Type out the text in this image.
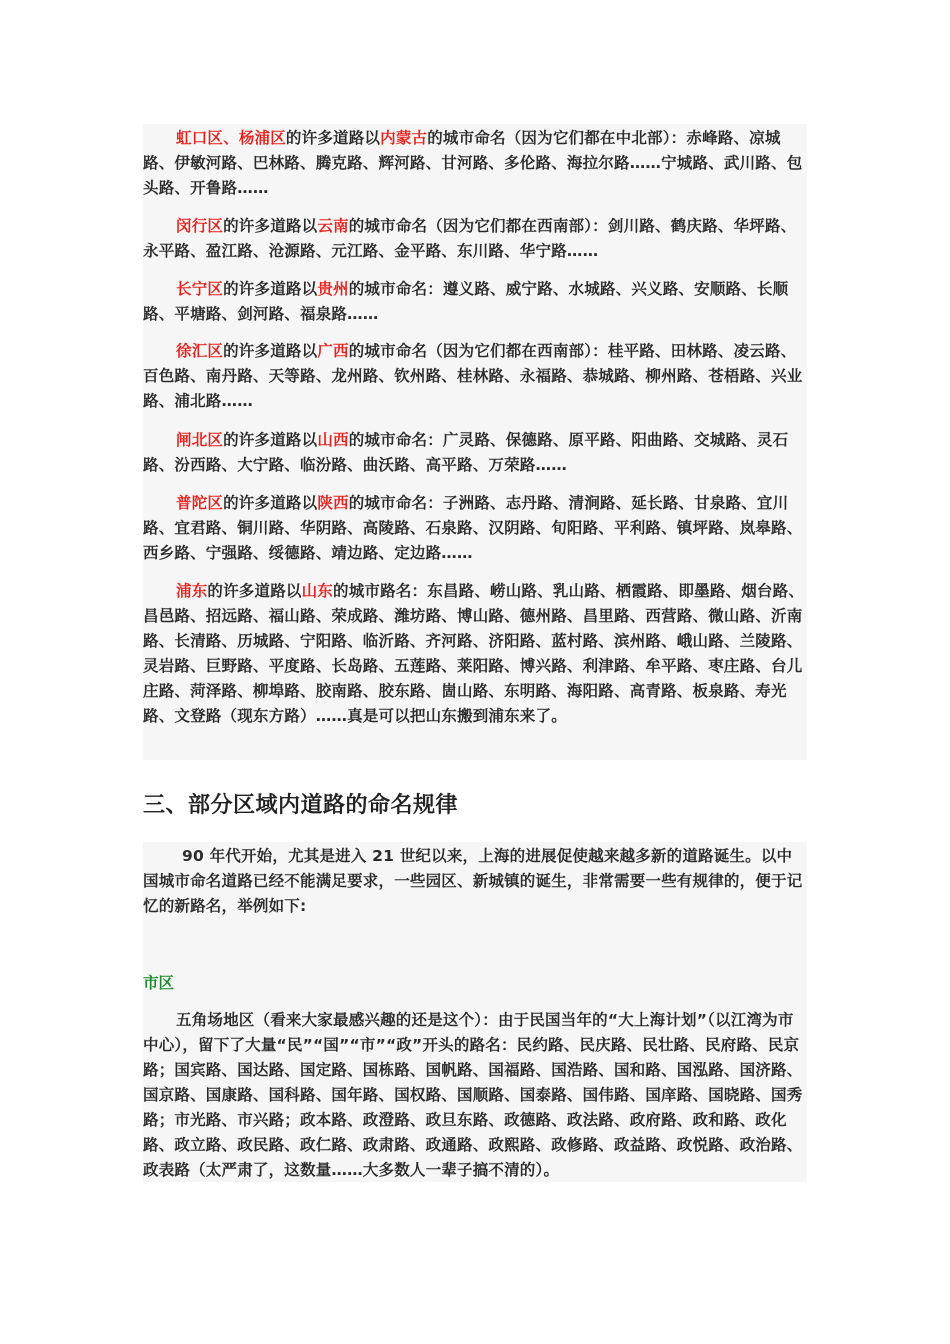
虹口区、杨浦区的许多道路以内蒙古的城市命名（因为它们都在中北部）：赤峰路、凉城路、伊敏河路、巴林路、腾克路、辉河路、甘河路、多伦路、海拉尔路……宁城路、武川路、包头路、开鲁路……

闵行区的许多道路以云南的城市命名（因为它们都在西南部）：剑川路、鹤庆路、华坪路、永平路、盈江路、沧源路、元江路、金平路、东川路、华宁路……

长宁区的许多道路以贵州的城市命名：遵义路、威宁路、水城路、兴义路、安顺路、长顺路、平塘路、剑河路、福泉路……

徐汇区的许多道路以广西的城市命名（因为它们都在西南部）：桂平路、田林路、凌云路、百色路、南丹路、天等路、龙州路、钦州路、桂林路、永福路、恭城路、柳州路、苍梧路、兴业路、浦北路……

闸北区的许多道路以山西的城市命名：广灵路、保德路、原平路、阳曲路、交城路、灵石路、汾西路、大宁路、临汾路、曲沃路、高平路、万荣路……

普陀区的许多道路以陕西的城市命名：子洲路、志丹路、清涧路、延长路、甘泉路、宜川路、宜君路、铜川路、华阴路、高陵路、石泉路、汉阴路、旬阳路、平利路、镇坪路、岚皋路、西乡路、宁强路、绥德路、靖边路、定边路……

浦东的许多道路以山东的城市路名：东昌路、崂山路、乳山路、栖霞路、即墨路、烟台路、昌邑路、招远路、福山路、荣成路、潍坊路、博山路、德州路、昌里路、西营路、微山路、沂南路、长清路、历城路、宁阳路、临沂路、齐河路、济阳路、蓝村路、滨州路、峨山路、兰陵路、灵岩路、巨野路、平度路、长岛路、五莲路、莱阳路、博兴路、利津路、牟平路、枣庄路、台儿庄路、菏泽路、柳埠路、胶南路、胶东路、崮山路、东明路、海阳路、高青路、板泉路、寿光路、文登路（现东方路）……真是可以把山东搬到浦东来了。

三、部分区域内道路的命名规律

90 年代开始，尤其是进入 21 世纪以来，上海的进展促使越来越多新的道路诞生。以中国城市命名道路已经不能满足要求，一些园区、新城镇的诞生，非常需要一些有规律的，便于记忆的新路名，举例如下:

市区

五角场地区（看来大家最感兴趣的还是这个）：由于民国当年的“大上海计划”（以江湾为市中心），留下了大量“民”“国”“市”“政”开头的路名：民约路、民庆路、民壮路、民府路、民京路；国宾路、国达路、国定路、国栋路、国帆路、国福路、国浩路、国和路、国泓路、国济路、国京路、国康路、国科路、国年路、国权路、国顺路、国泰路、国伟路、国庠路、国晓路、国秀路；市光路、市兴路；政本路、政澄路、政旦东路、政德路、政法路、政府路、政和路、政化路、政立路、政民路、政仁路、政肃路、政通路、政熙路、政修路、政益路、政悦路、政治路、政表路（太严肃了，这数量……大多数人一辈子搞不清的）。
